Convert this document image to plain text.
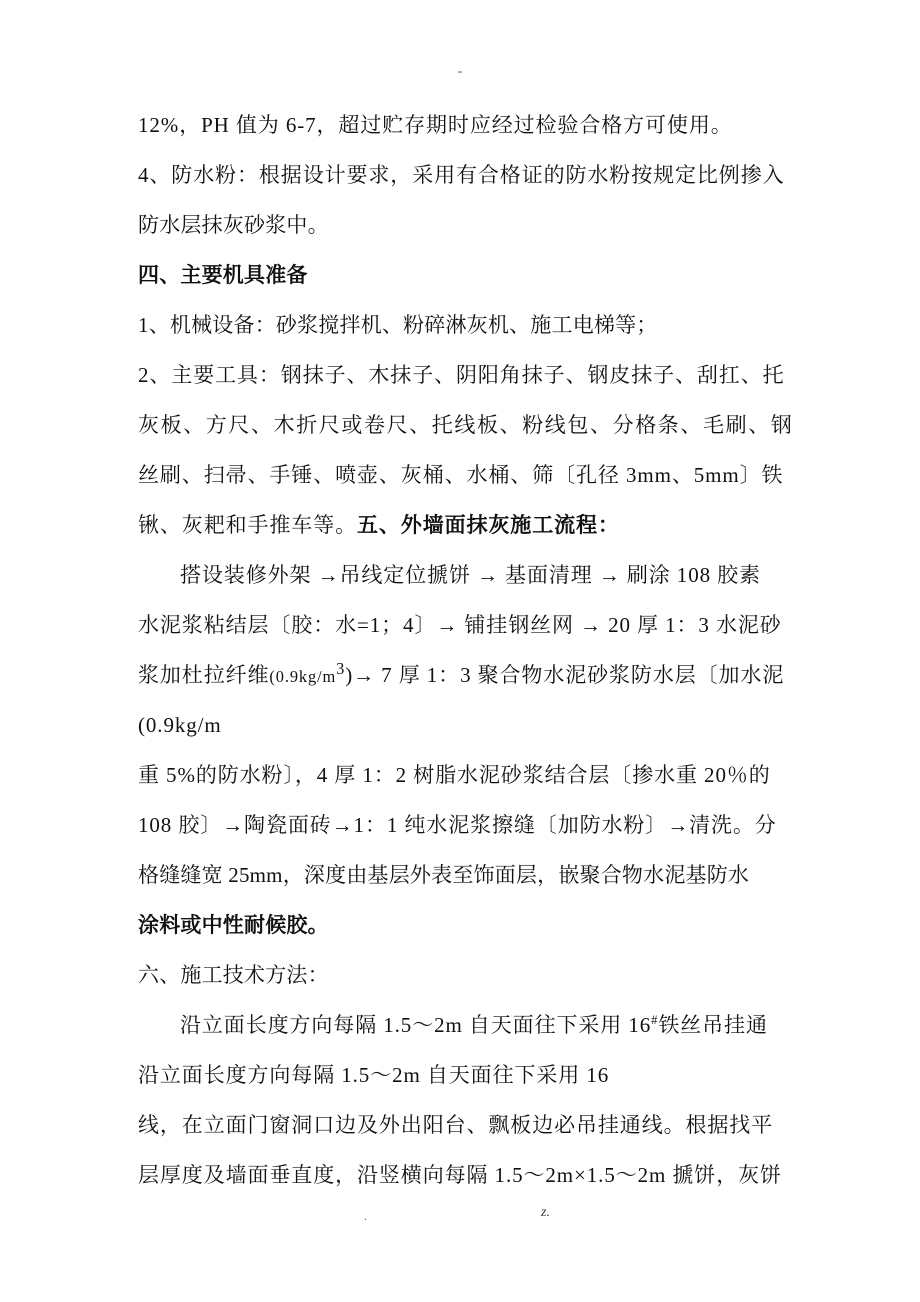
-
12%，PH 值为 6-7，超过贮存期时应经过检验合格方可使用。
4、防水粉：根据设计要求，采用有合格证的防水粉按规定比例掺入
防水层抹灰砂浆中。
四、主要机具准备
1、机械设备：砂浆搅拌机、粉碎淋灰机、施工电梯等；
2、主要工具：钢抹子、木抹子、阴阳角抹子、钢皮抹子、刮扛、托
灰板、方尺、木折尺或卷尺、托线板、粉线包、分格条、毛刷、钢
丝刷、扫帚、手锤、喷壶、灰桶、水桶、筛〔孔径 3mm、5mm〕铁
锹、灰耙和手推车等。五、外墙面抹灰施工流程：
搭设装修外架 →吊线定位搋饼 → 基面清理 → 刷涂 108 胶素
水泥浆粘结层〔胶：水=1；4〕→ 铺挂钢丝网 → 20 厚 1：3 水泥砂
浆加杜拉纤维$(0.9kg/m^3)\to 7$ 厚 1：3 聚合物水泥砂浆防水层〔加水泥
(0.9kg/m
重 5%的防水粉〕，4 厚 1：2 树脂水泥砂浆结合层〔掺水重 20％的
108 胶〕→陶瓷面砖→1：1 纯水泥浆擦缝〔加防水粉〕→清洗。分
格缝缝宽 25mm，深度由基层外表至饰面层，嵌聚合物水泥基防水
涂料或中性耐候胶。
六、施工技术方法：
沿立面长度方向每隔 1.5～2m 自天面往下采用 16#铁丝吊挂通
沿立面长度方向每隔 1.5～2m 自天面往下采用 16
线，在立面门窗洞口边及外出阳台、飘板边必吊挂通线。根据找平
层厚度及墙面垂直度，沿竖横向每隔 1.5～2m×1.5～2m 搋饼，灰饼
.	z.
